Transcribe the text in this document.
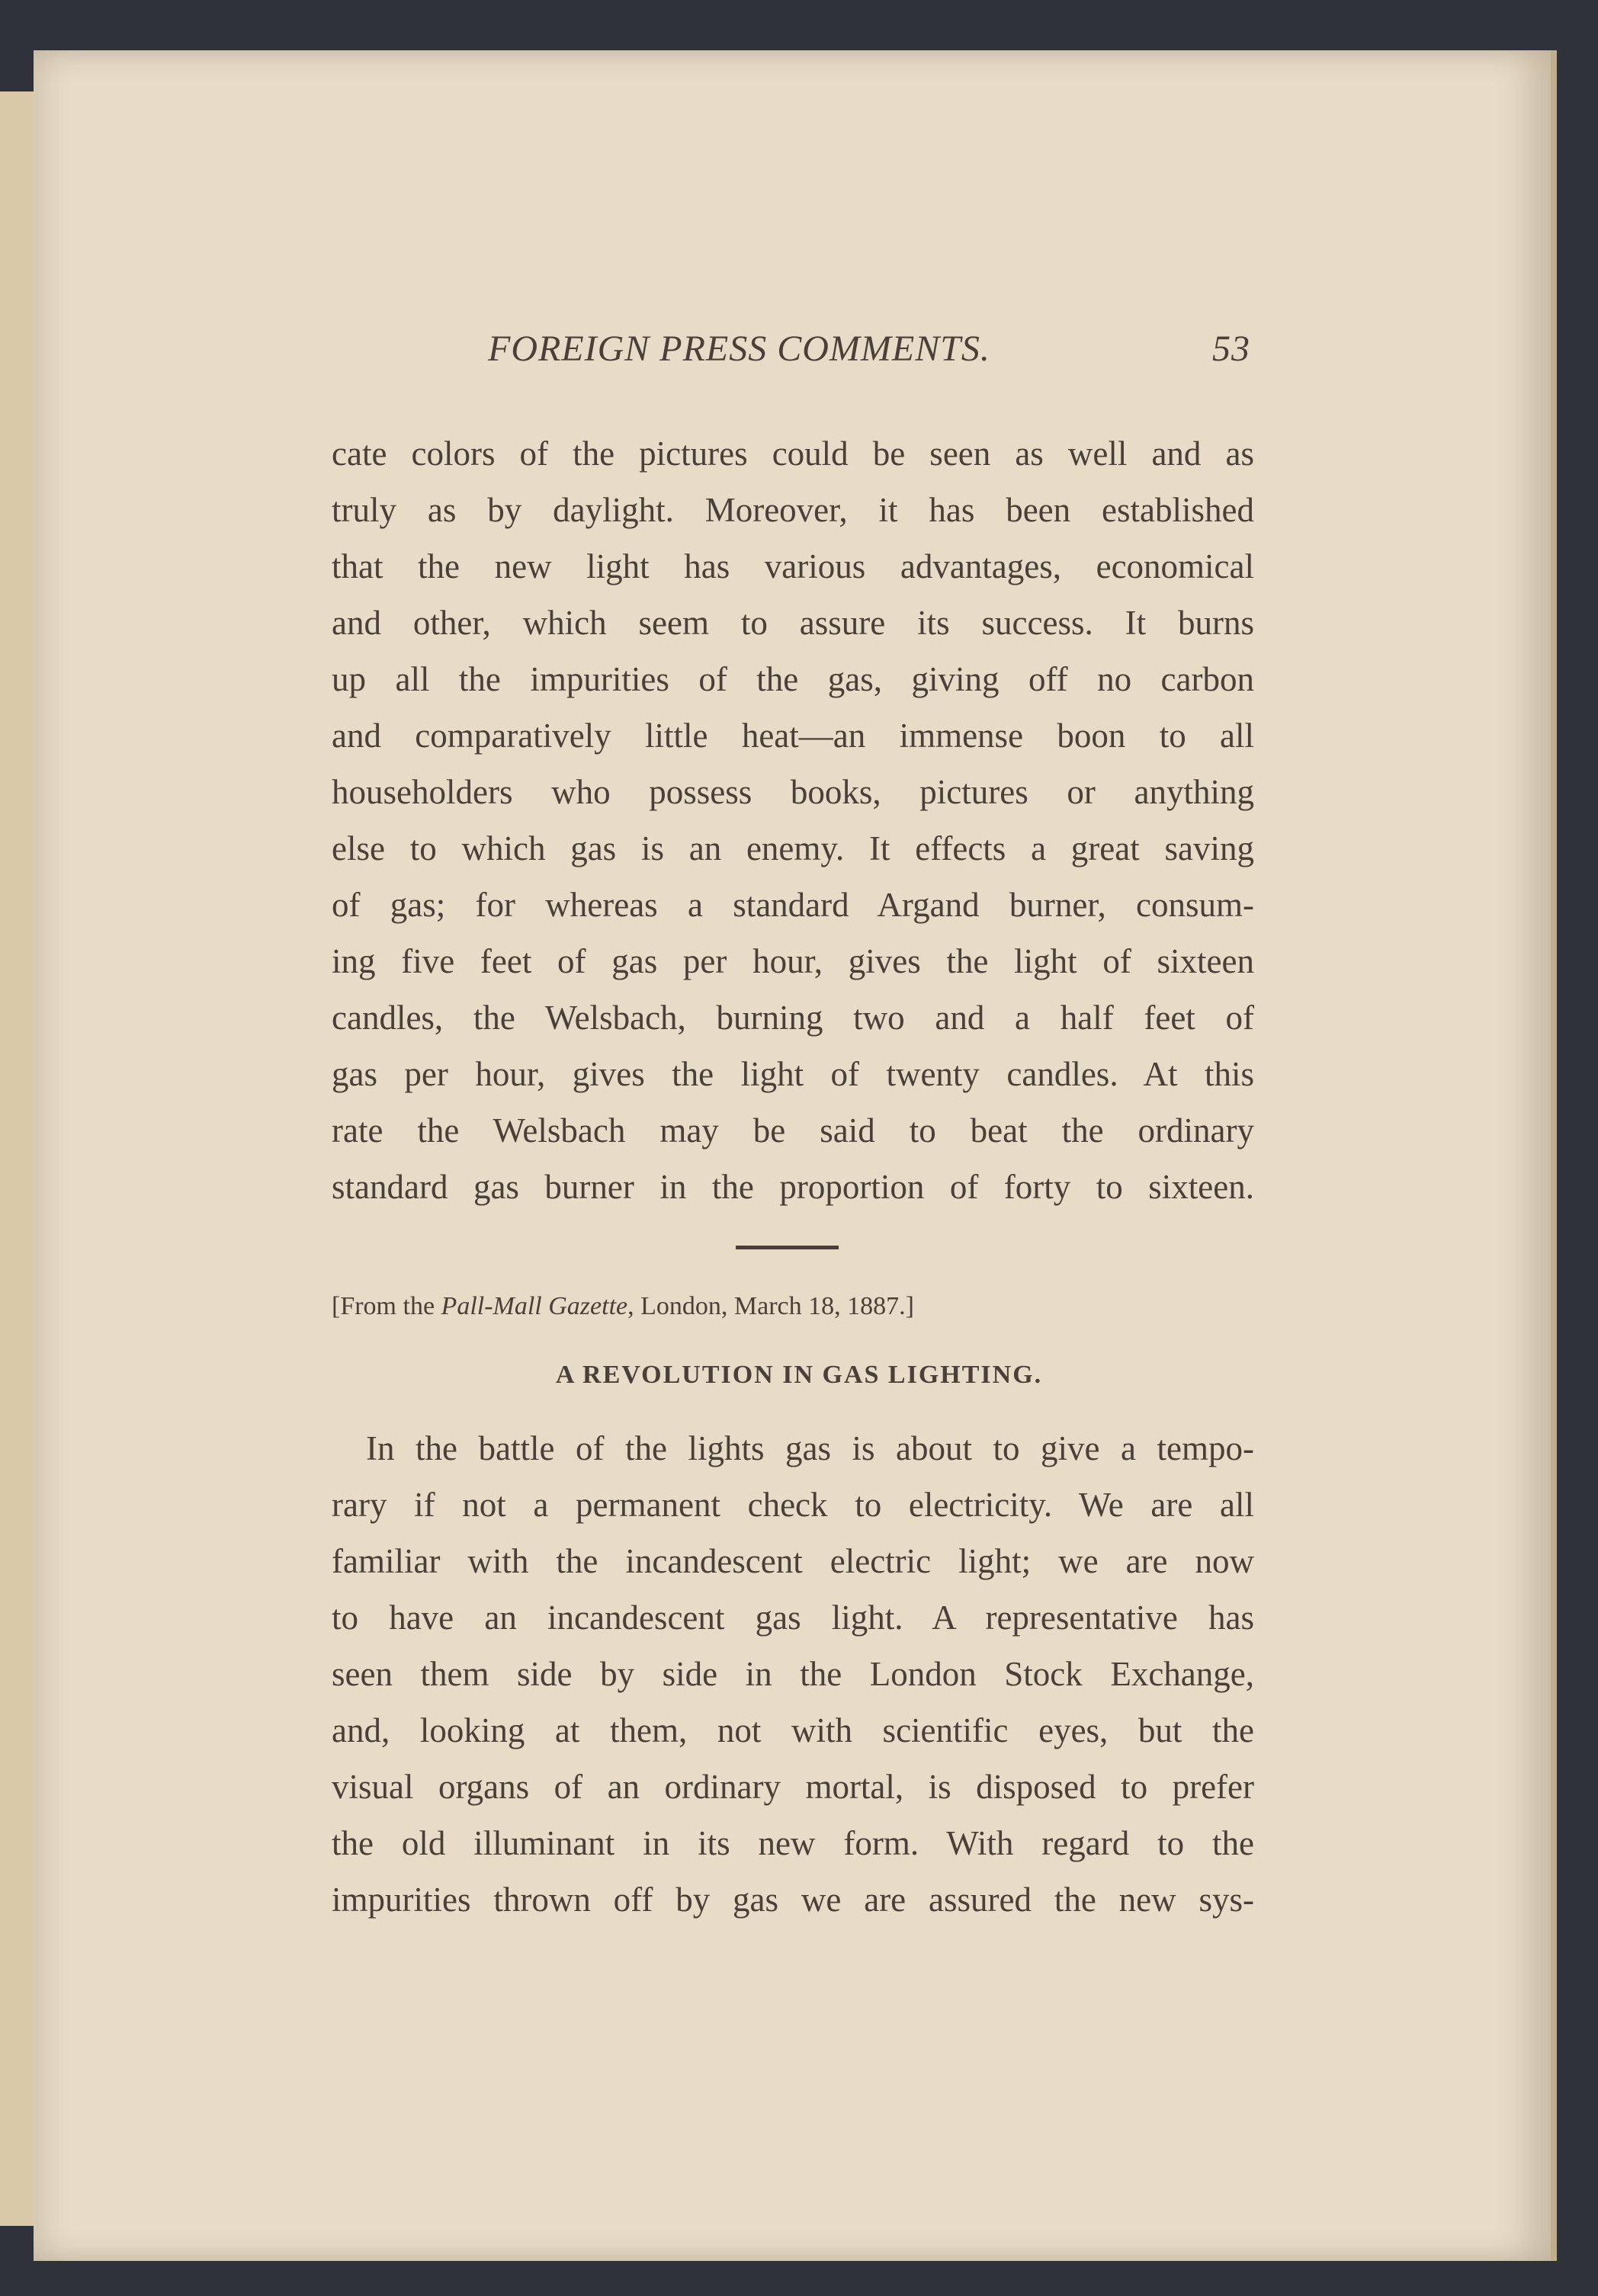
FOREIGN PRESS COMMENTS.	53
cate colors of the pictures could be seen as well and as
truly as by daylight. Moreover, it has been established
that the new light has various advantages, economical
and other, which seem to assure its success. It burns
up all the impurities of the gas, giving off no carbon
and comparatively little heat—an immense boon to all
householders who possess books, pictures or anything
else to which gas is an enemy. It effects a great saving
of gas; for whereas a standard Argand burner, consum-
ing five feet of gas per hour, gives the light of sixteen
candles, the Welsbach, burning two and a half feet of
gas per hour, gives the light of twenty candles. At this
rate the Welsbach may be said to beat the ordinary
standard gas burner in the proportion of forty to sixteen.
[From the Pall-Mall Gazette, London, March 18, 1887.]
A REVOLUTION IN GAS LIGHTING.
 In the battle of the lights gas is about to give a tempo-
rary if not a permanent check to electricity. We are all
familiar with the incandescent electric light; we are now
to have an incandescent gas light. A representative has
seen them side by side in the London Stock Exchange,
and, looking at them, not with scientific eyes, but the
visual organs of an ordinary mortal, is disposed to prefer
the old illuminant in its new form. With regard to the
impurities thrown off by gas we are assured the new sys-
